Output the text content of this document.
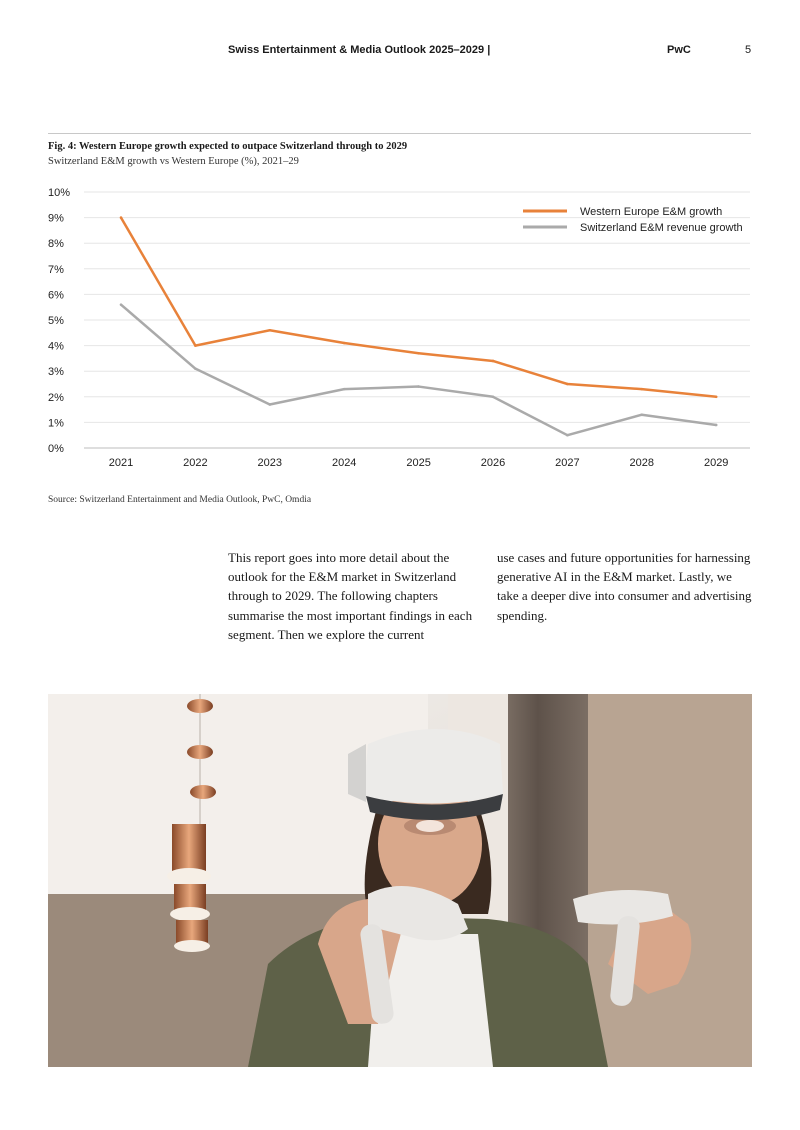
Swiss Entertainment & Media Outlook 2025–2029 |	PwC	5
Fig. 4: Western Europe growth expected to outpace Switzerland through to 2029
Switzerland E&M growth vs Western Europe (%), 2021–29
0%
1%
2%
3%
4%
5%
6%
7%
8%
9%
10%
2021	2022	2023	2024	2025	2026	2027	2028	2029
Western Europe E&M growth
Switzerland E&M revenue growth
Source: Switzerland Entertainment and Media Outlook, PwC, Omdia
This report goes into more detail about the outlook for the E&M market in Switzerland through to 2029. The following chapters summarise the most important findings in each segment. Then we explore the current
use cases and future opportunities for harnessing generative AI in the E&M market. Lastly, we take a deeper dive into consumer and advertising spending.
